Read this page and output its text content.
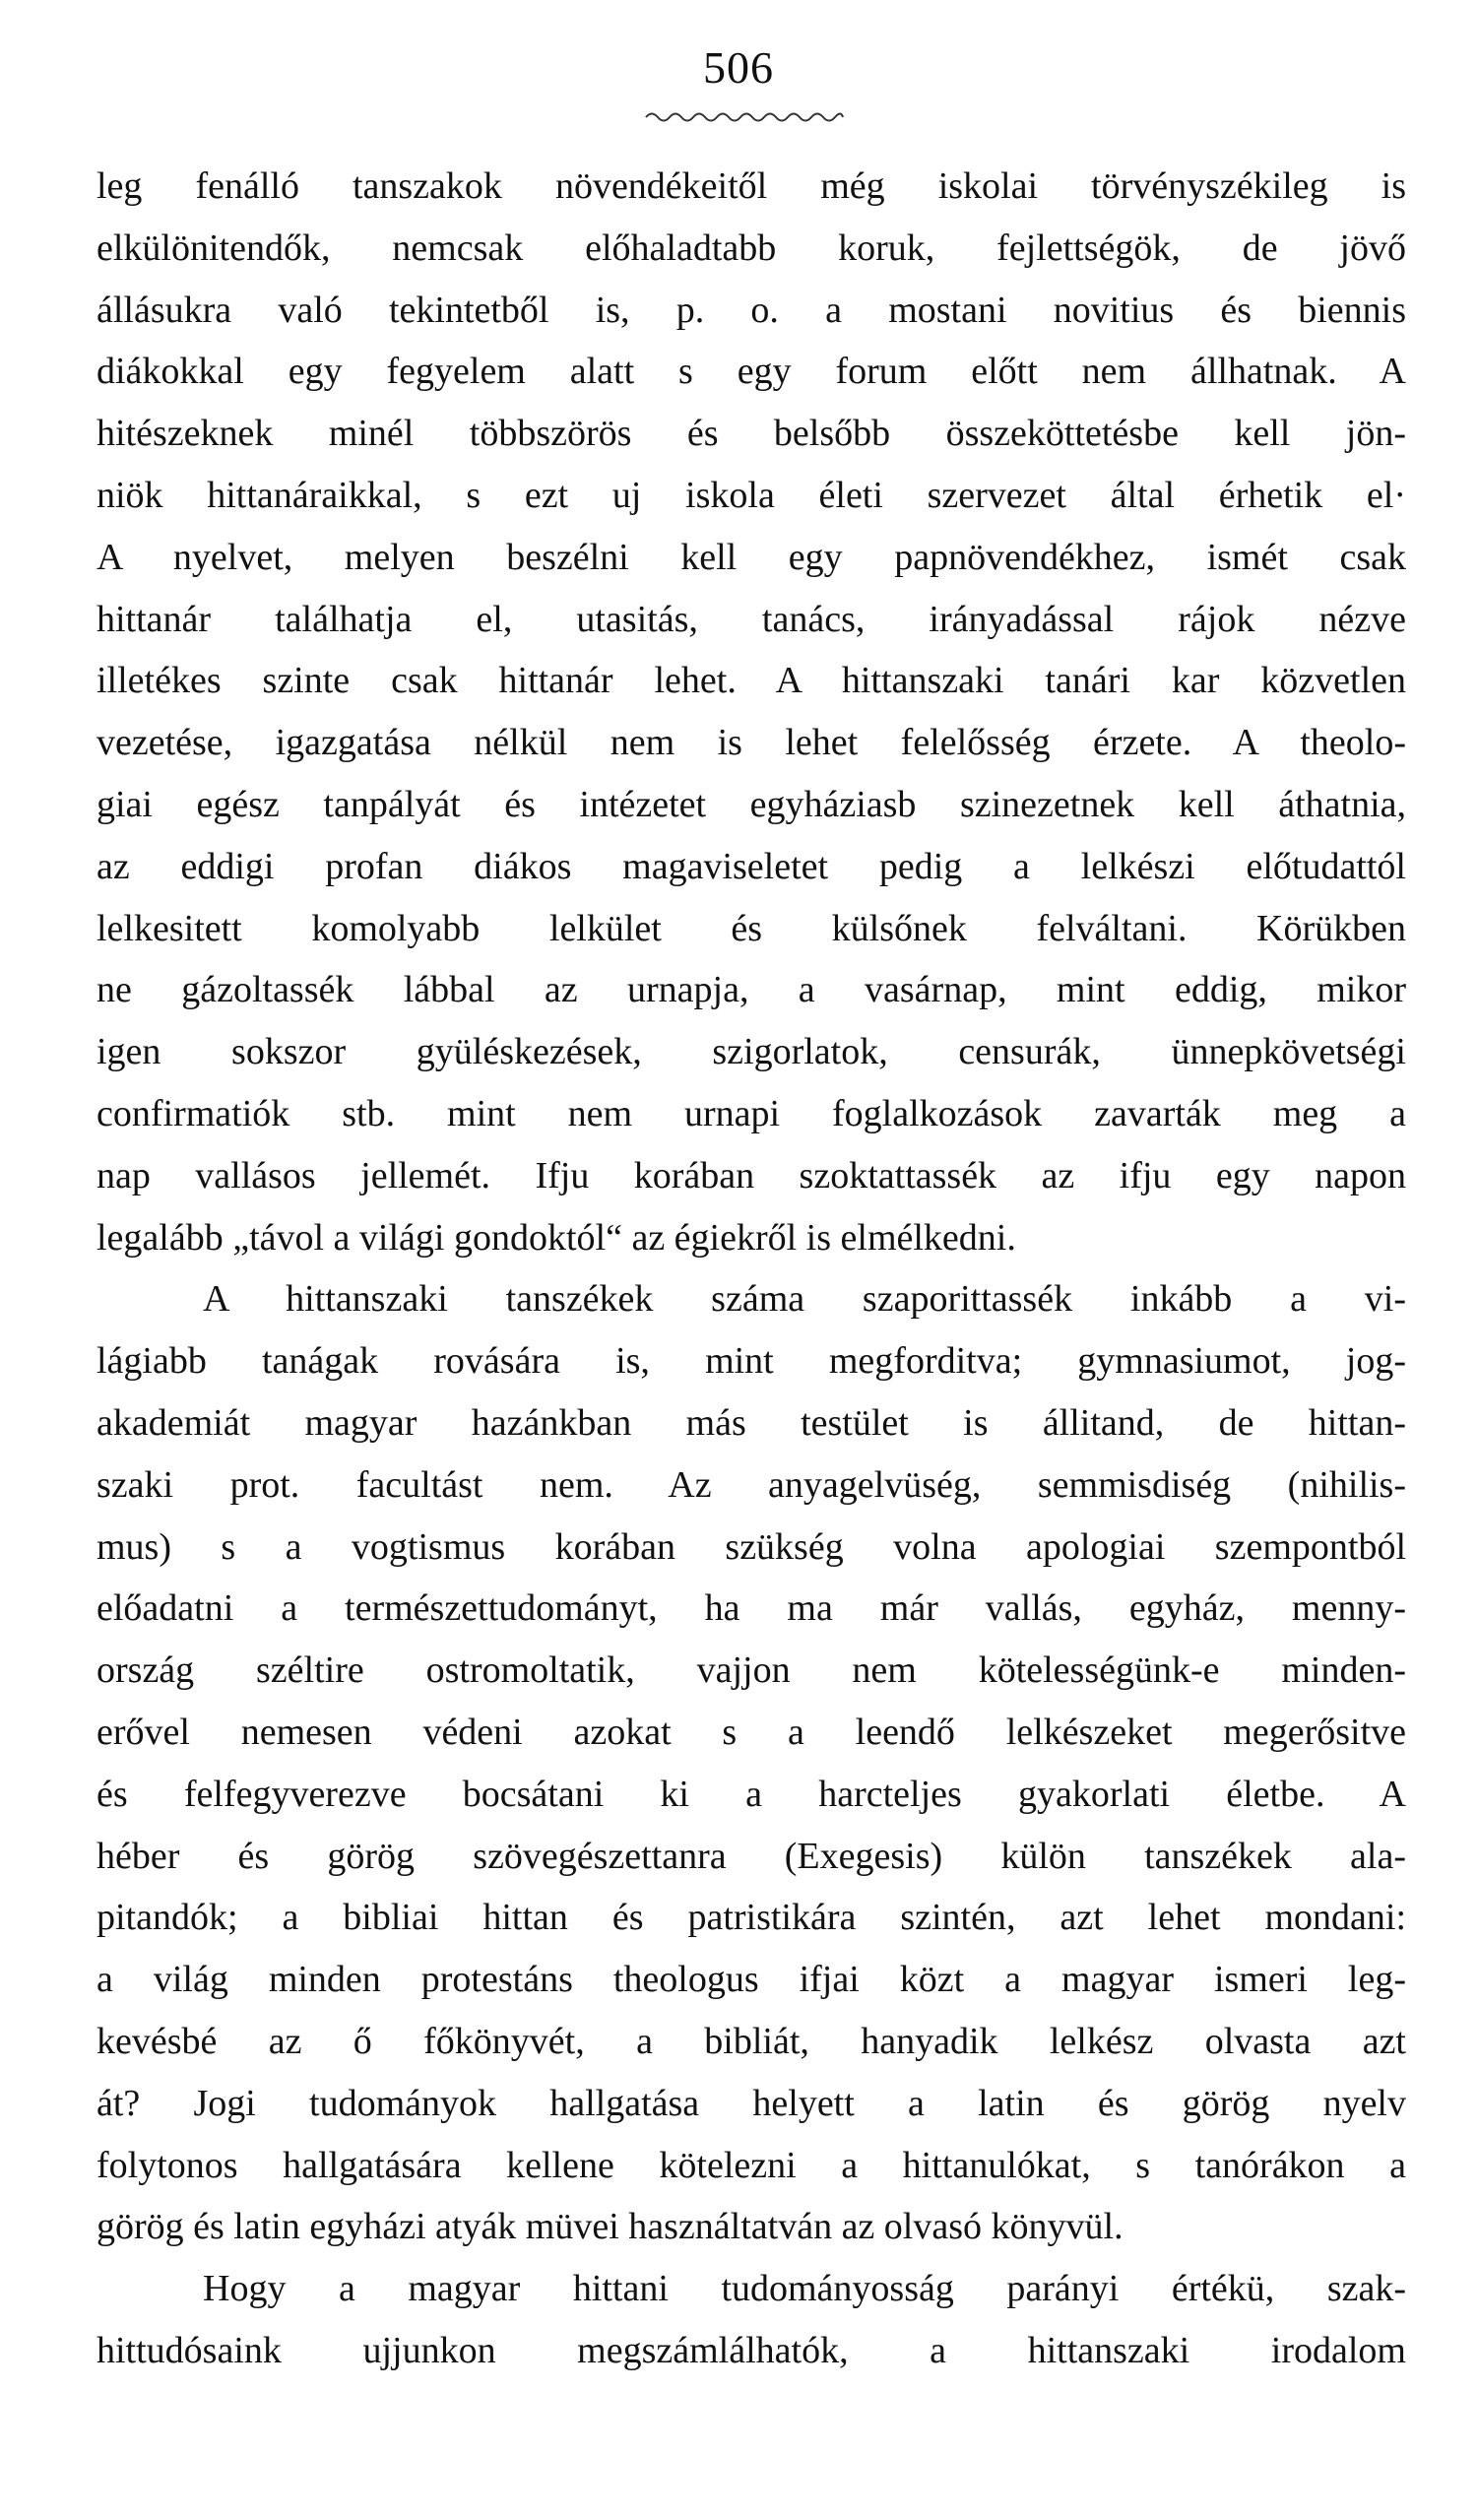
506
leg fenálló tanszakok növendékeitől még iskolai törvényszékileg is
elkülönitendők, nemcsak előhaladtabb koruk, fejlettségök, de jövő
állásukra való tekintetből is, p. o. a mostani novitius és biennis
diákokkal egy fegyelem alatt s egy forum előtt nem állhatnak. A
hitészeknek minél többszörös és belsőbb összeköttetésbe kell jön-
niök hittanáraikkal, s ezt uj iskola életi szervezet által érhetik el·
A nyelvet, melyen beszélni kell egy papnövendékhez, ismét csak
hittanár találhatja el, utasitás, tanács, irányadással rájok nézve
illetékes szinte csak hittanár lehet. A hittanszaki tanári kar közvetlen
vezetése, igazgatása nélkül nem is lehet felelősség érzete. A theolo-
giai egész tanpályát és intézetet egyháziasb szinezetnek kell áthatnia,
az eddigi profan diákos magaviseletet pedig a lelkészi előtudattól
lelkesitett komolyabb lelkület és külsőnek felváltani. Körükben
ne gázoltassék lábbal az urnapja, a vasárnap, mint eddig, mikor
igen sokszor gyüléskezések, szigorlatok, censurák, ünnepkövetségi
confirmatiók stb. mint nem urnapi foglalkozások zavarták meg a
nap vallásos jellemét. Ifju korában szoktattassék az ifju egy napon
legalább „távol a világi gondoktól“ az égiekről is elmélkedni.
A hittanszaki tanszékek száma szaporittassék inkább a vi-
lágiabb tanágak rovására is, mint megforditva; gymnasiumot, jog-
akademiát magyar hazánkban más testület is állitand, de hittan-
szaki prot. facultást nem. Az anyagelvüség, semmisdiség (nihilis-
mus) s a vogtismus korában szükség volna apologiai szempontból
előadatni a természettudományt, ha ma már vallás, egyház, menny-
ország széltire ostromoltatik, vajjon nem kötelességünk-e minden-
erővel nemesen védeni azokat s a leendő lelkészeket megerősitve
és felfegyverezve bocsátani ki a harcteljes gyakorlati életbe. A
héber és görög szövegészettanra (Exegesis) külön tanszékek ala-
pitandók; a bibliai hittan és patristikára szintén, azt lehet mondani:
a világ minden protestáns theologus ifjai közt a magyar ismeri leg-
kevésbé az ő főkönyvét, a bibliát, hanyadik lelkész olvasta azt
át? Jogi tudományok hallgatása helyett a latin és görög nyelv
folytonos hallgatására kellene kötelezni a hittanulókat, s tanórákon a
görög és latin egyházi atyák müvei használtatván az olvasó könyvül.
Hogy a magyar hittani tudományosság parányi értékü, szak-
hittudósaink ujjunkon megszámlálhatók, a hittanszaki irodalom
